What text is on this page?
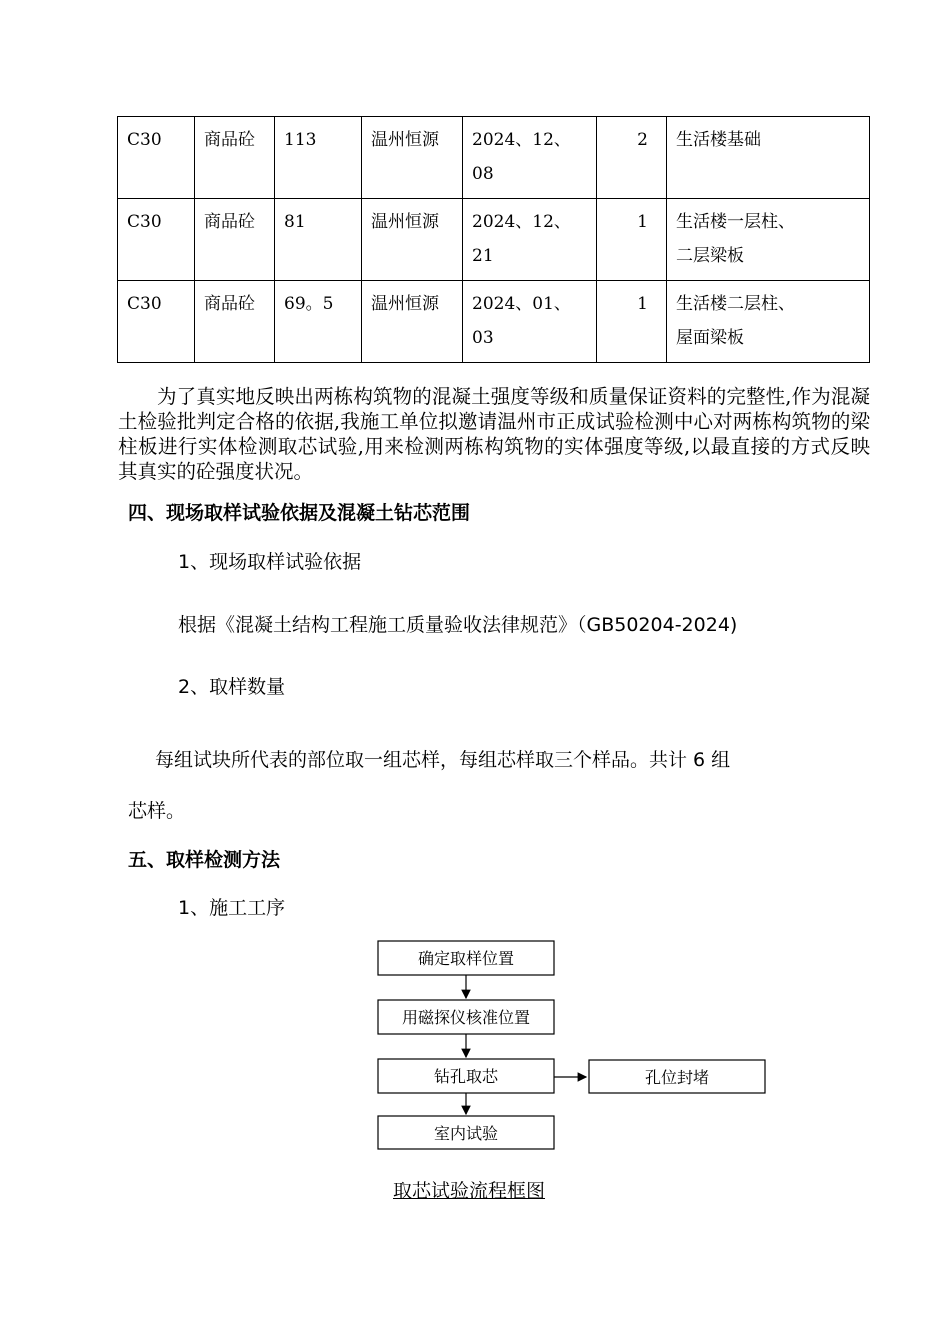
C30	商品砼	113	温州恒源	2024、12、08	2	生活楼基础

C30	商品砼	81	温州恒源	2024、12、21	1	生活楼一层柱、
二层梁板

C30	商品砼	69。5	温州恒源	2024、01、03	1	生活楼二层柱、
屋面梁板
为了真实地反映出两栋构筑物的混凝土强度等级和质量保证资料的完整性,作为混凝土检验批判定合格的依据,我施工单位拟邀请温州市正成试验检测中心对两栋构筑物的梁柱板进行实体检测取芯试验,用来检测两栋构筑物的实体强度等级,以最直接的方式反映其真实的砼强度状况。
四、现场取样试验依据及混凝土钻芯范围
1、现场取样试验依据
根据《混凝土结构工程施工质量验收法律规范》（GB50204-2024)
2、取样数量
每组试块所代表的部位取一组芯样，每组芯样取三个样品。共计 6 组
芯样。
五、取样检测方法
1、施工工序
确定取样位置
用磁探仪核准位置
钻孔取芯	孔位封堵
室内试验
取芯试验流程框图
